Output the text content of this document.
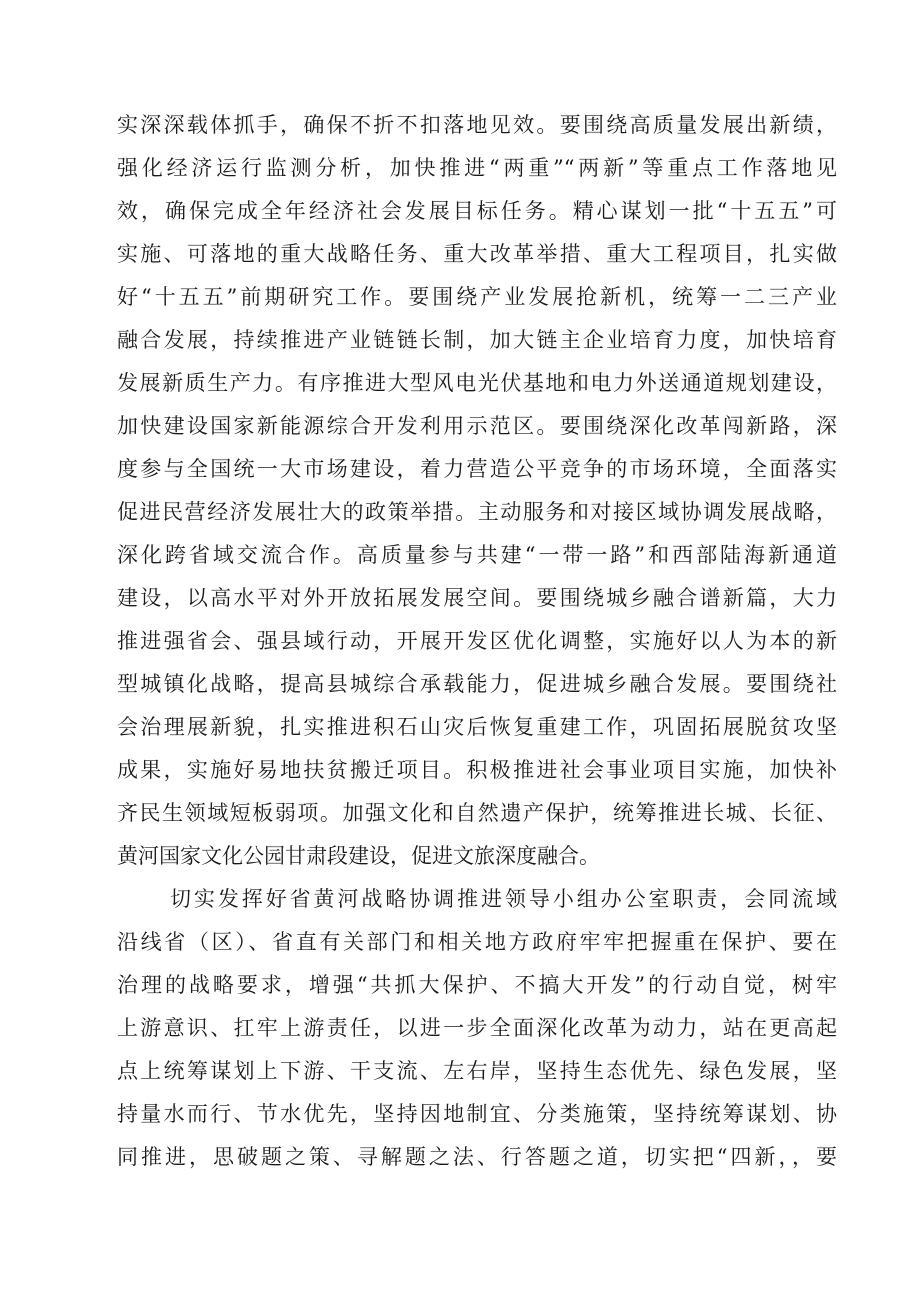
实深深载体抓手，确保不折不扣落地见效。要围绕高质量发展出新绩，
强化经济运行监测分析，加快推进“两重”“两新”等重点工作落地见
效，确保完成全年经济社会发展目标任务。精心谋划一批“十五五”可
实施、可落地的重大战略任务、重大改革举措、重大工程项目，扎实做
好“十五五”前期研究工作。要围绕产业发展抢新机，统筹一二三产业
融合发展，持续推进产业链链长制，加大链主企业培育力度，加快培育
发展新质生产力。有序推进大型风电光伏基地和电力外送通道规划建设，
加快建设国家新能源综合开发利用示范区。要围绕深化改革闯新路，深
度参与全国统一大市场建设，着力营造公平竞争的市场环境，全面落实
促进民营经济发展壮大的政策举措。主动服务和对接区域协调发展战略，
深化跨省域交流合作。高质量参与共建“一带一路”和西部陆海新通道
建设，以高水平对外开放拓展发展空间。要围绕城乡融合谱新篇，大力
推进强省会、强县域行动，开展开发区优化调整，实施好以人为本的新
型城镇化战略，提高县城综合承载能力，促进城乡融合发展。要围绕社
会治理展新貌，扎实推进积石山灾后恢复重建工作，巩固拓展脱贫攻坚
成果，实施好易地扶贫搬迁项目。积极推进社会事业项目实施，加快补
齐民生领域短板弱项。加强文化和自然遗产保护，统筹推进长城、长征、
黄河国家文化公园甘肃段建设，促进文旅深度融合。
切实发挥好省黄河战略协调推进领导小组办公室职责，会同流域
沿线省（区）、省直有关部门和相关地方政府牢牢把握重在保护、要在
治理的战略要求，增强“共抓大保护、不搞大开发”的行动自觉，树牢
上游意识、扛牢上游责任，以进一步全面深化改革为动力，站在更高起
点上统筹谋划上下游、干支流、左右岸，坚持生态优先、绿色发展，坚
持量水而行、节水优先，坚持因地制宜、分类施策，坚持统筹谋划、协
同推进，思破题之策、寻解题之法、行答题之道，切实把“四新，，要
